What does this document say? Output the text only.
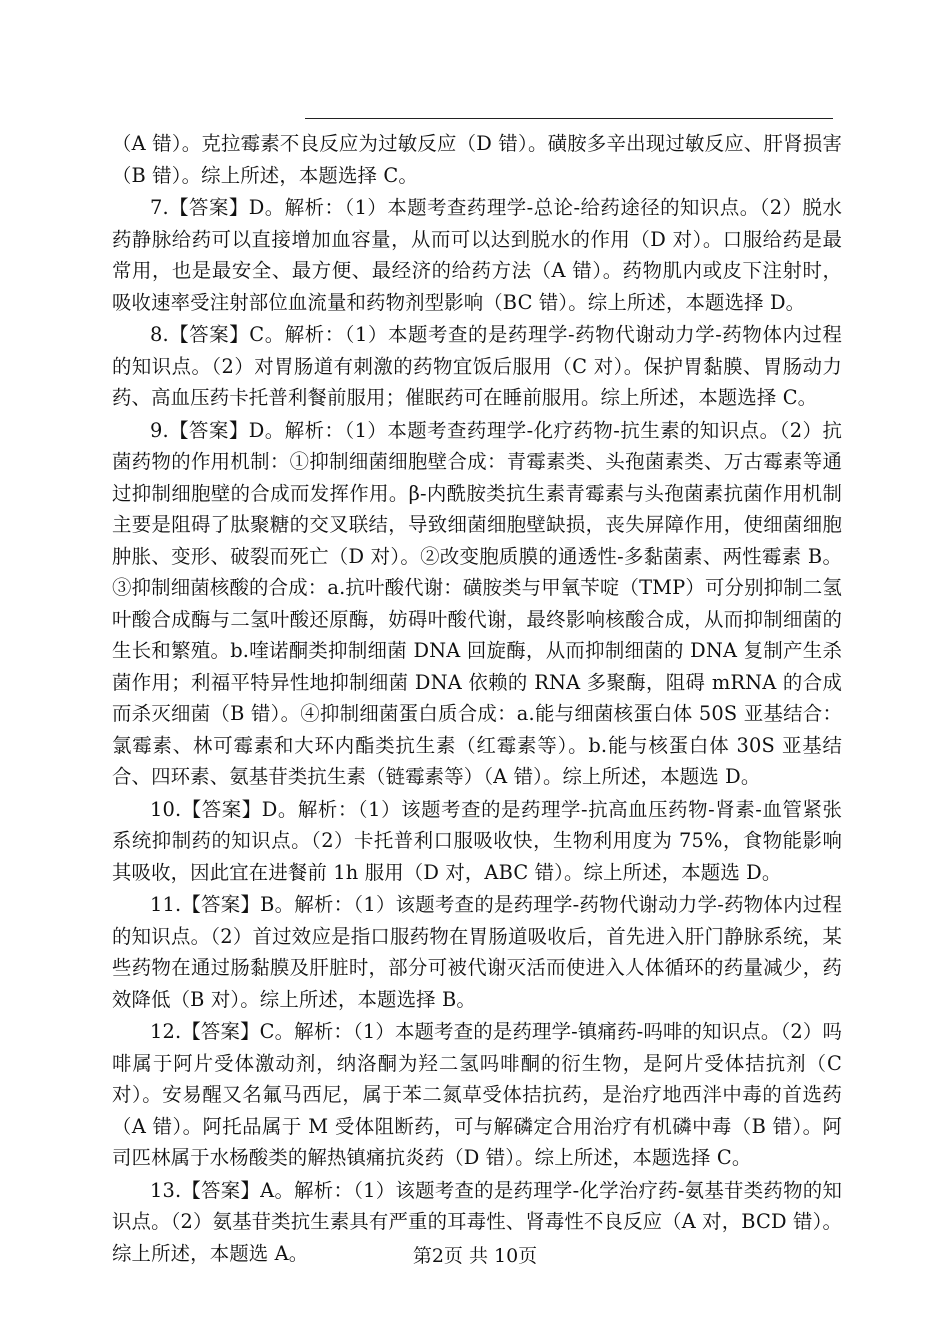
（A 错）。克拉霉素不良反应为过敏反应（D 错）。磺胺多辛出现过敏反应、肝肾损害（B 错）。综上所述，本题选择 C。

7.【答案】D。解析：（1）本题考查药理学-总论-给药途径的知识点。（2）脱水药静脉给药可以直接增加血容量，从而可以达到脱水的作用（D 对）。口服给药是最常用，也是最安全、最方便、最经济的给药方法（A 错）。药物肌内或皮下注射时，吸收速率受注射部位血流量和药物剂型影响（BC 错）。综上所述，本题选择 D。

8.【答案】C。解析：（1）本题考查的是药理学-药物代谢动力学-药物体内过程的知识点。（2）对胃肠道有刺激的药物宜饭后服用（C 对）。保护胃黏膜、胃肠动力药、高血压药卡托普利餐前服用；催眠药可在睡前服用。综上所述，本题选择 C。

9.【答案】D。解析：（1）本题考查药理学-化疗药物-抗生素的知识点。（2）抗菌药物的作用机制：①抑制细菌细胞壁合成：青霉素类、头孢菌素类、万古霉素等通过抑制细胞壁的合成而发挥作用。β-内酰胺类抗生素青霉素与头孢菌素抗菌作用机制主要是阻碍了肽聚糖的交叉联结，导致细菌细胞壁缺损，丧失屏障作用，使细菌细胞肿胀、变形、破裂而死亡（D 对）。②改变胞质膜的通透性-多黏菌素、两性霉素 B。③抑制细菌核酸的合成：a.抗叶酸代谢：磺胺类与甲氧苄啶（TMP）可分别抑制二氢叶酸合成酶与二氢叶酸还原酶，妨碍叶酸代谢，最终影响核酸合成，从而抑制细菌的生长和繁殖。b.喹诺酮类抑制细菌 DNA 回旋酶，从而抑制细菌的 DNA 复制产生杀菌作用；利福平特异性地抑制细菌 DNA 依赖的 RNA 多聚酶，阻碍 mRNA 的合成而杀灭细菌（B 错）。④抑制细菌蛋白质合成：a.能与细菌核蛋白体 50S 亚基结合：氯霉素、林可霉素和大环内酯类抗生素（红霉素等）。b.能与核蛋白体 30S 亚基结合、四环素、氨基苷类抗生素（链霉素等）（A 错）。综上所述，本题选 D。

10.【答案】D。解析：（1）该题考查的是药理学-抗高血压药物-肾素-血管紧张系统抑制药的知识点。（2）卡托普利口服吸收快，生物利用度为 75%，食物能影响其吸收，因此宜在进餐前 1h 服用（D 对，ABC 错）。综上所述，本题选 D。

11.【答案】B。解析：（1）该题考查的是药理学-药物代谢动力学-药物体内过程的知识点。（2）首过效应是指口服药物在胃肠道吸收后，首先进入肝门静脉系统，某些药物在通过肠黏膜及肝脏时，部分可被代谢灭活而使进入人体循环的药量减少，药效降低（B 对）。综上所述，本题选择 B。

12.【答案】C。解析：（1）本题考查的是药理学-镇痛药-吗啡的知识点。（2）吗啡属于阿片受体激动剂，纳洛酮为羟二氢吗啡酮的衍生物，是阿片受体拮抗剂（C 对）。安易醒又名氟马西尼，属于苯二氮草受体拮抗药，是治疗地西泮中毒的首选药（A 错）。阿托品属于 M 受体阻断药，可与解磷定合用治疗有机磷中毒（B 错）。阿司匹林属于水杨酸类的解热镇痛抗炎药（D 错）。综上所述，本题选择 C。

13.【答案】A。解析：（1）该题考查的是药理学-化学治疗药-氨基苷类药物的知识点。（2）氨基苷类抗生素具有严重的耳毒性、肾毒性不良反应（A 对，BCD 错）。综上所述，本题选 A。	第2页 共 10页
